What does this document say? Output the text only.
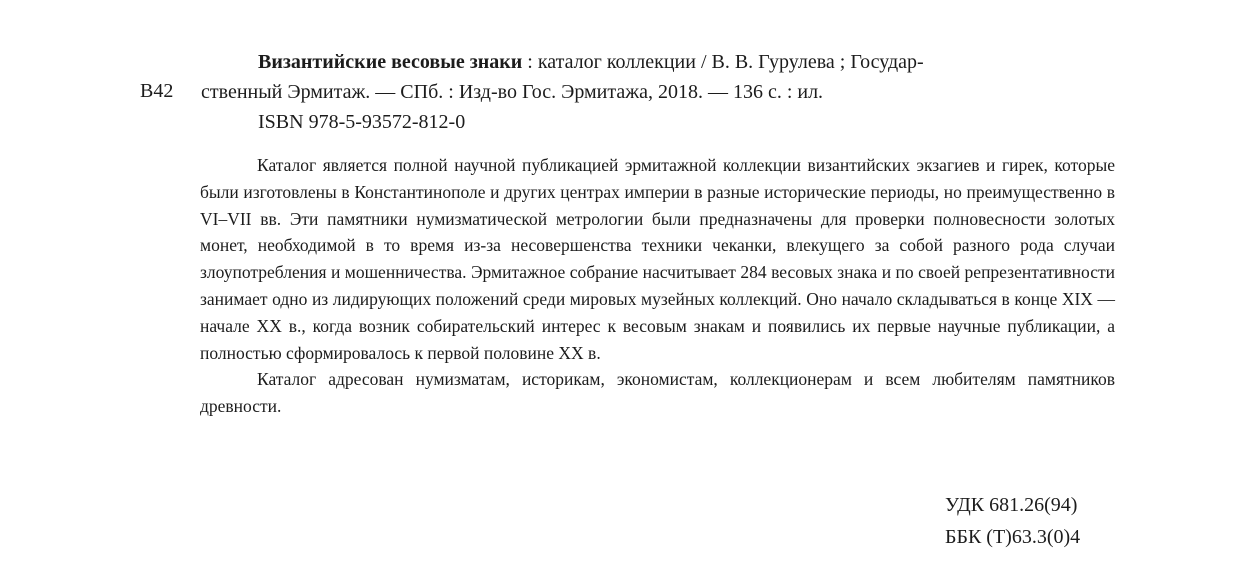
В42

Византийские весовые знаки : каталог коллекции / В. В. Гурулева ; Государ-
ственный Эрмитаж. — СПб. : Изд-во Гос. Эрмитажа, 2018. — 136 с. : ил.
ISBN 978-5-93572-812-0

Каталог является полной научной публикацией эрмитажной коллекции византийских экзагиев и гирек, которые были изготовлены в Константинополе и других центрах империи в разные исторические периоды, но преимущественно в VI–VII вв. Эти памятники нумизматической метрологии были предназначены для проверки полновесности золотых монет, необходимой в то время из-за несовершенства техники чеканки, влекущего за собой разного рода случаи злоупотребления и мошенничества. Эрмитажное собрание насчитывает 284 весовых знака и по своей репрезентативности занимает одно из лидирующих положений среди мировых музейных коллекций. Оно начало складываться в конце XIX — начале XX в., когда возник собирательский интерес к весовым знакам и появились их первые научные публикации, а полностью сформировалось к первой половине XX в.

Каталог адресован нумизматам, историкам, экономистам, коллекционерам и всем любителям памятников древности.

УДК 681.26(94)

ББК (Т)63.3(0)4
